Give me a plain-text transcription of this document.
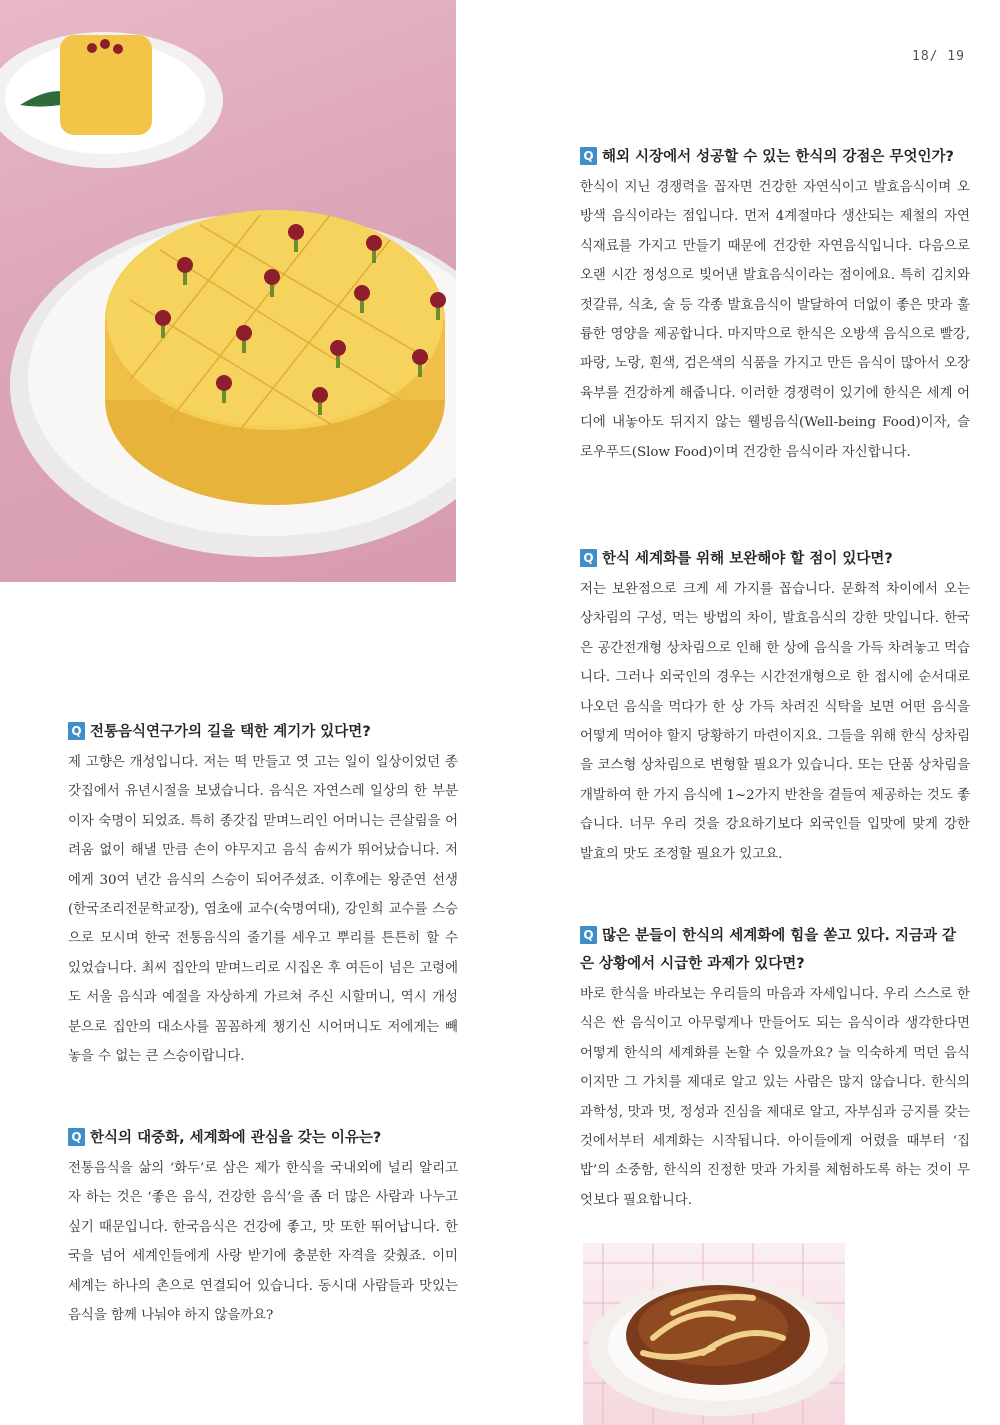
18/ 19

Q 해외 시장에서 성공할 수 있는 한식의 강점은 무엇인가?

한식이 지닌 경쟁력을 꼽자면 건강한 자연식이고 발효음식이며 오방색 음식이라는 점입니다. 먼저 4계절마다 생산되는 제철의 자연 식재료를 가지고 만들기 때문에 건강한 자연음식입니다. 다음으로 오랜 시간 정성으로 빚어낸 발효음식이라는 점이에요. 특히 김치와 젓갈류, 식초, 술 등 각종 발효음식이 발달하여 더없이 좋은 맛과 훌륭한 영양을 제공합니다. 마지막으로 한식은 오방색 음식으로 빨강, 파랑, 노랑, 흰색, 검은색의 식품을 가지고 만든 음식이 많아서 오장육부를 건강하게 해줍니다. 이러한 경쟁력이 있기에 한식은 세계 어디에 내놓아도 뒤지지 않는 웰빙음식(Well-being Food)이자, 슬로우푸드(Slow Food)이며 건강한 음식이라 자신합니다.

Q 한식 세계화를 위해 보완해야 할 점이 있다면?

저는 보완점으로 크게 세 가지를 꼽습니다. 문화적 차이에서 오는 상차림의 구성, 먹는 방법의 차이, 발효음식의 강한 맛입니다. 한국은 공간전개형 상차림으로 인해 한 상에 음식을 가득 차려놓고 먹습니다. 그러나 외국인의 경우는 시간전개형으로 한 접시에 순서대로 나오던 음식을 먹다가 한 상 가득 차려진 식탁을 보면 어떤 음식을 어떻게 먹어야 할지 당황하기 마련이지요. 그들을 위해 한식 상차림을 코스형 상차림으로 변형할 필요가 있습니다. 또는 단품 상차림을 개발하여 한 가지 음식에 1~2가지 반찬을 곁들여 제공하는 것도 좋습니다. 너무 우리 것을 강요하기보다 외국인들 입맛에 맞게 강한 발효의 맛도 조정할 필요가 있고요.

Q 많은 분들이 한식의 세계화에 힘을 쏟고 있다. 지금과 같은 상황에서 시급한 과제가 있다면?

바로 한식을 바라보는 우리들의 마음과 자세입니다. 우리 스스로 한식은 싼 음식이고 아무렇게나 만들어도 되는 음식이라 생각한다면 어떻게 한식의 세계화를 논할 수 있을까요? 늘 익숙하게 먹던 음식이지만 그 가치를 제대로 알고 있는 사람은 많지 않습니다. 한식의 과학성, 맛과 멋, 정성과 진심을 제대로 알고, 자부심과 긍지를 갖는 것에서부터 세계화는 시작됩니다. 아이들에게 어렸을 때부터 ‘집밥’의 소중함, 한식의 진정한 맛과 가치를 체험하도록 하는 것이 무엇보다 필요합니다.

Q 전통음식연구가의 길을 택한 계기가 있다면?

제 고향은 개성입니다. 저는 떡 만들고 엿 고는 일이 일상이었던 종갓집에서 유년시절을 보냈습니다. 음식은 자연스레 일상의 한 부분이자 숙명이 되었죠. 특히 종갓집 맏며느리인 어머니는 큰살림을 어려움 없이 해낼 만큼 손이 야무지고 음식 솜씨가 뛰어났습니다. 저에게 30여 년간 음식의 스승이 되어주셨죠. 이후에는 왕준연 선생(한국조리전문학교장), 염초애 교수(숙명여대), 강인희 교수를 스승으로 모시며 한국 전통음식의 줄기를 세우고 뿌리를 튼튼히 할 수 있었습니다. 최씨 집안의 맏며느리로 시집온 후 여든이 넘은 고령에도 서울 음식과 예절을 자상하게 가르쳐 주신 시할머니, 역시 개성 분으로 집안의 대소사를 꼼꼼하게 챙기신 시어머니도 저에게는 빼놓을 수 없는 큰 스승이랍니다.

Q 한식의 대중화, 세계화에 관심을 갖는 이유는?

전통음식을 삶의 ‘화두’로 삼은 제가 한식을 국내외에 널리 알리고자 하는 것은 ‘좋은 음식, 건강한 음식’을 좀 더 많은 사람과 나누고 싶기 때문입니다. 한국음식은 건강에 좋고, 맛 또한 뛰어납니다. 한국을 넘어 세계인들에게 사랑 받기에 충분한 자격을 갖췄죠. 이미 세계는 하나의 촌으로 연결되어 있습니다. 동시대 사람들과 맛있는 음식을 함께 나눠야 하지 않을까요?
